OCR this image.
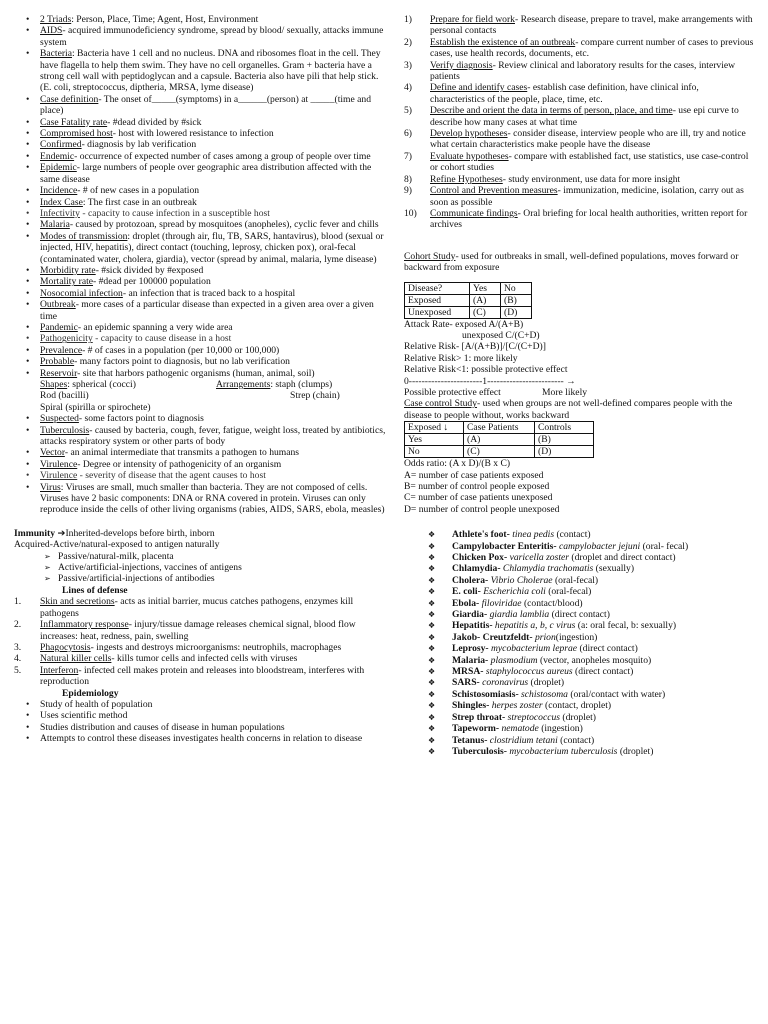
• 2 Triads: Person, Place, Time; Agent, Host, Environment
• AIDS- acquired immunodeficiency syndrome, spread by blood/ sexually, attacks immune system
• Bacteria: Bacteria have 1 cell and no nucleus. DNA and ribosomes float in the cell. They have flagella to help them swim. They have no cell organelles. Gram + bacteria have a strong cell wall with peptidoglycan and a capsule. Bacteria also have pili that help stick. (E. coli, streptococcus, diptheria, MRSA, lyme disease)
• Case definition- The onset of_____(symptoms) in a______(person) at _____(time and place)
• Case Fatality rate- #dead divided by #sick
• Compromised host- host with lowered resistance to infection
• Confirmed- diagnosis by lab verification
• Endemic- occurrence of expected number of cases among a group of people over time
• Epidemic- large numbers of people over geographic area distribution affected with the same disease
• Incidence- # of new cases in a population
• Index Case: The first case in an outbreak
• Infectivity - capacity to cause infection in a susceptible host
• Malaria- caused by protozoan, spread by mosquitoes (anopheles), cyclic fever and chills
• Modes of transmission: droplet (through air, flu, TB, SARS, hantavirus), blood (sexual or injected, HIV, hepatitis), direct contact (touching, leprosy, chicken pox), oral-fecal (contaminated water, cholera, giardia), vector (spread by animal, malaria, lyme disease)
• Morbidity rate- #sick divided by #exposed
• Mortality rate- #dead per 100000 population
• Nosocomial infection- an infection that is traced back to a hospital
• Outbreak- more cases of a particular disease than expected in a given area over a given time
• Pandemic- an epidemic spanning a very wide area
• Pathogenicity - capacity to cause disease in a host
• Prevalence- # of cases in a population (per 10,000 or 100,000)
• Probable- many factors point to diagnosis, but no lab verification
• Reservoir- site that harbors pathogenic organisms (human, animal, soil)
Shapes: spherical (cocci)	Arrangements: staph (clumps)
Rod (bacilli)	Strep (chain)
Spiral (spirilla or spirochete)
• Suspected- some factors point to diagnosis
• Tuberculosis- caused by bacteria, cough, fever, fatigue, weight loss, treated by antibiotics, attacks respiratory system or other parts of body
• Vector- an animal intermediate that transmits a pathogen to humans
• Virulence- Degree or intensity of pathogenicity of an organism
• Virulence - severity of disease that the agent causes to host
• Virus: Viruses are small, much smaller than bacteria. They are not composed of cells. Viruses have 2 basic components: DNA or RNA covered in protein. Viruses can only reproduce inside the cells of other living organisms (rabies, AIDS, SARS, ebola, measles)
Immunity ➔Inherited-develops before birth, inborn
Acquired-Active/natural-exposed to antigen naturally
➢ Passive/natural-milk, placenta
➢ Active/artificial-injections, vaccines of antigens
➢ Passive/artificial-injections of antibodies
Lines of defense
1.	Skin and secretions- acts as initial barrier, mucus catches pathogens, enzymes kill pathogens
2.	Inflammatory response- injury/tissue damage releases chemical signal, blood flow increases: heat, redness, pain, swelling
3.	Phagocytosis- ingests and destroys microorganisms: neutrophils, macrophages
4.	Natural killer cells- kills tumor cells and infected cells with viruses
5.	Interferon- infected cell makes protein and releases into bloodstream, interferes with reproduction
Epidemiology
• Study of health of population
• Uses scientific method
• Studies distribution and causes of disease in human populations
• Attempts to control these diseases investigates health concerns in relation to disease
1)	Prepare for field work- Research disease, prepare to travel, make arrangements with personal contacts
2)	Establish the existence of an outbreak- compare current number of cases to previous cases, use health records, documents, etc.
3)	Verify diagnosis- Review clinical and laboratory results for the cases, interview patients
4)	Define and identify cases- establish case definition, have clinical info, characteristics of the people, place, time, etc.
5)	Describe and orient the data in terms of person, place, and time- use epi curve to describe how many cases at what time
6)	Develop hypotheses- consider disease, interview people who are ill, try and notice what certain characteristics make people have the disease
7)	Evaluate hypotheses- compare with established fact, use statistics, use case-control or cohort studies
8)	Refine Hypotheses- study environment, use data for more insight
9)	Control and Prevention measures- immunization, medicine, isolation, carry out as soon as possible
10)	Communicate findings- Oral briefing for local health authorities, written report for archives
Cohort Study- used for outbreaks in small, well-defined populations, moves forward or backward from exposure
Disease?	Yes	No
Exposed	(A)	(B)
Unexposed	(C)	(D)
Attack Rate- exposed A/(A+B)
unexposed C/(C+D)
Relative Risk- [A/(A+B)]/[C/(C+D)]
Relative Risk> 1: more likely
Relative Risk<1: possible protective effect
0-----------------------1------------------------ →
Possible protective effect	More likely
Case control Study- used when groups are not well-defined compares people with the disease to people without, works backward
Exposed ↓	Case Patients	Controls
Yes	(A)	(B)
No	(C)	(D)
Odds ratio: (A x D)/(B x C)
A= number of case patients exposed
B= number of control people exposed
C= number of case patients unexposed
D= number of control people unexposed
❖ Athlete's foot- tinea pedis (contact)
❖ Campylobacter Enteritis- campylobacter jejuni (oral- fecal)
❖ Chicken Pox- varicella zoster (droplet and direct contact)
❖ Chlamydia- Chlamydia trachomatis (sexually)
❖ Cholera- Vibrio Cholerae (oral-fecal)
❖ E. coli- Escherichia coli (oral-fecal)
❖ Ebola- filoviridae (contact/blood)
❖ Giardia- giardia lamblia (direct contact)
❖ Hepatitis- hepatitis a, b, c virus (a: oral fecal, b: sexually)
❖ Jakob- Creutzfeldt- prion(ingestion)
❖ Leprosy- mycobacterium leprae (direct contact)
❖ Malaria- plasmodium (vector, anopheles mosquito)
❖ MRSA- staphylococcus aureus (direct contact)
❖ SARS- coronavirus (droplet)
❖ Schistosomiasis- schistosoma (oral/contact with water)
❖ Shingles- herpes zoster (contact, droplet)
❖ Strep throat- streptococcus (droplet)
❖ Tapeworm- nematode (ingestion)
❖ Tetanus- clostridium tetani (contact)
❖ Tuberculosis- mycobacterium tuberculosis (droplet)
